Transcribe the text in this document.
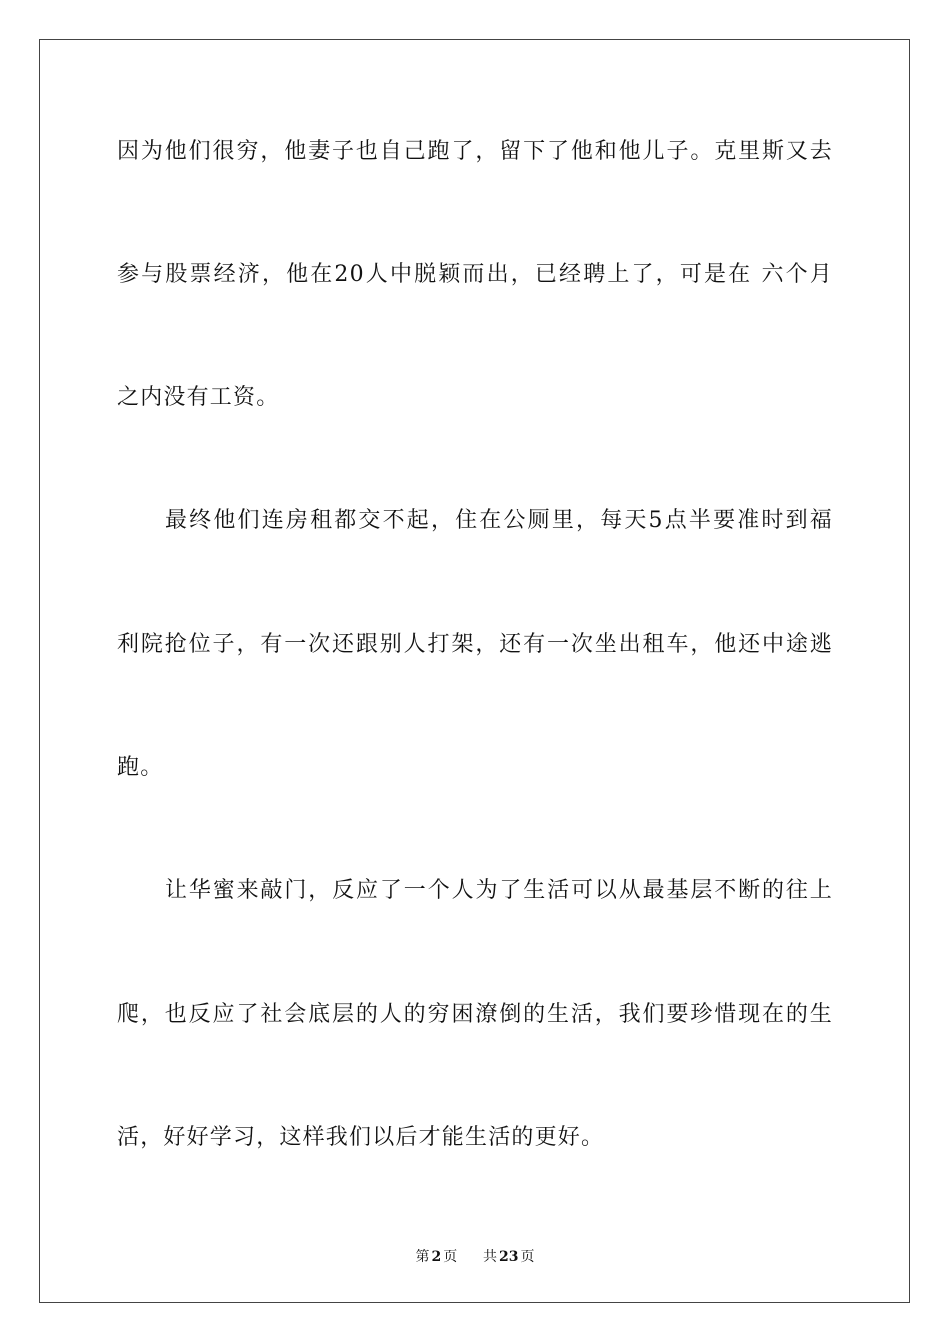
因为他们很穷，他妻子也自己跑了，留下了他和他儿子。克里斯又去
参与股票经济，他在20人中脱颖而出，已经聘上了，可是在 六个月
之内没有工资。
最终他们连房租都交不起，住在公厕里，每天5点半要准时到福
利院抢位子，有一次还跟别人打架，还有一次坐出租车，他还中途逃
跑。
让华蜜来敲门，反应了一个人为了生活可以从最基层不断的往上
爬，也反应了社会底层的人的穷困潦倒的生活，我们要珍惜现在的生
活，好好学习，这样我们以后才能生活的更好。
第 2 页 共 23 页
